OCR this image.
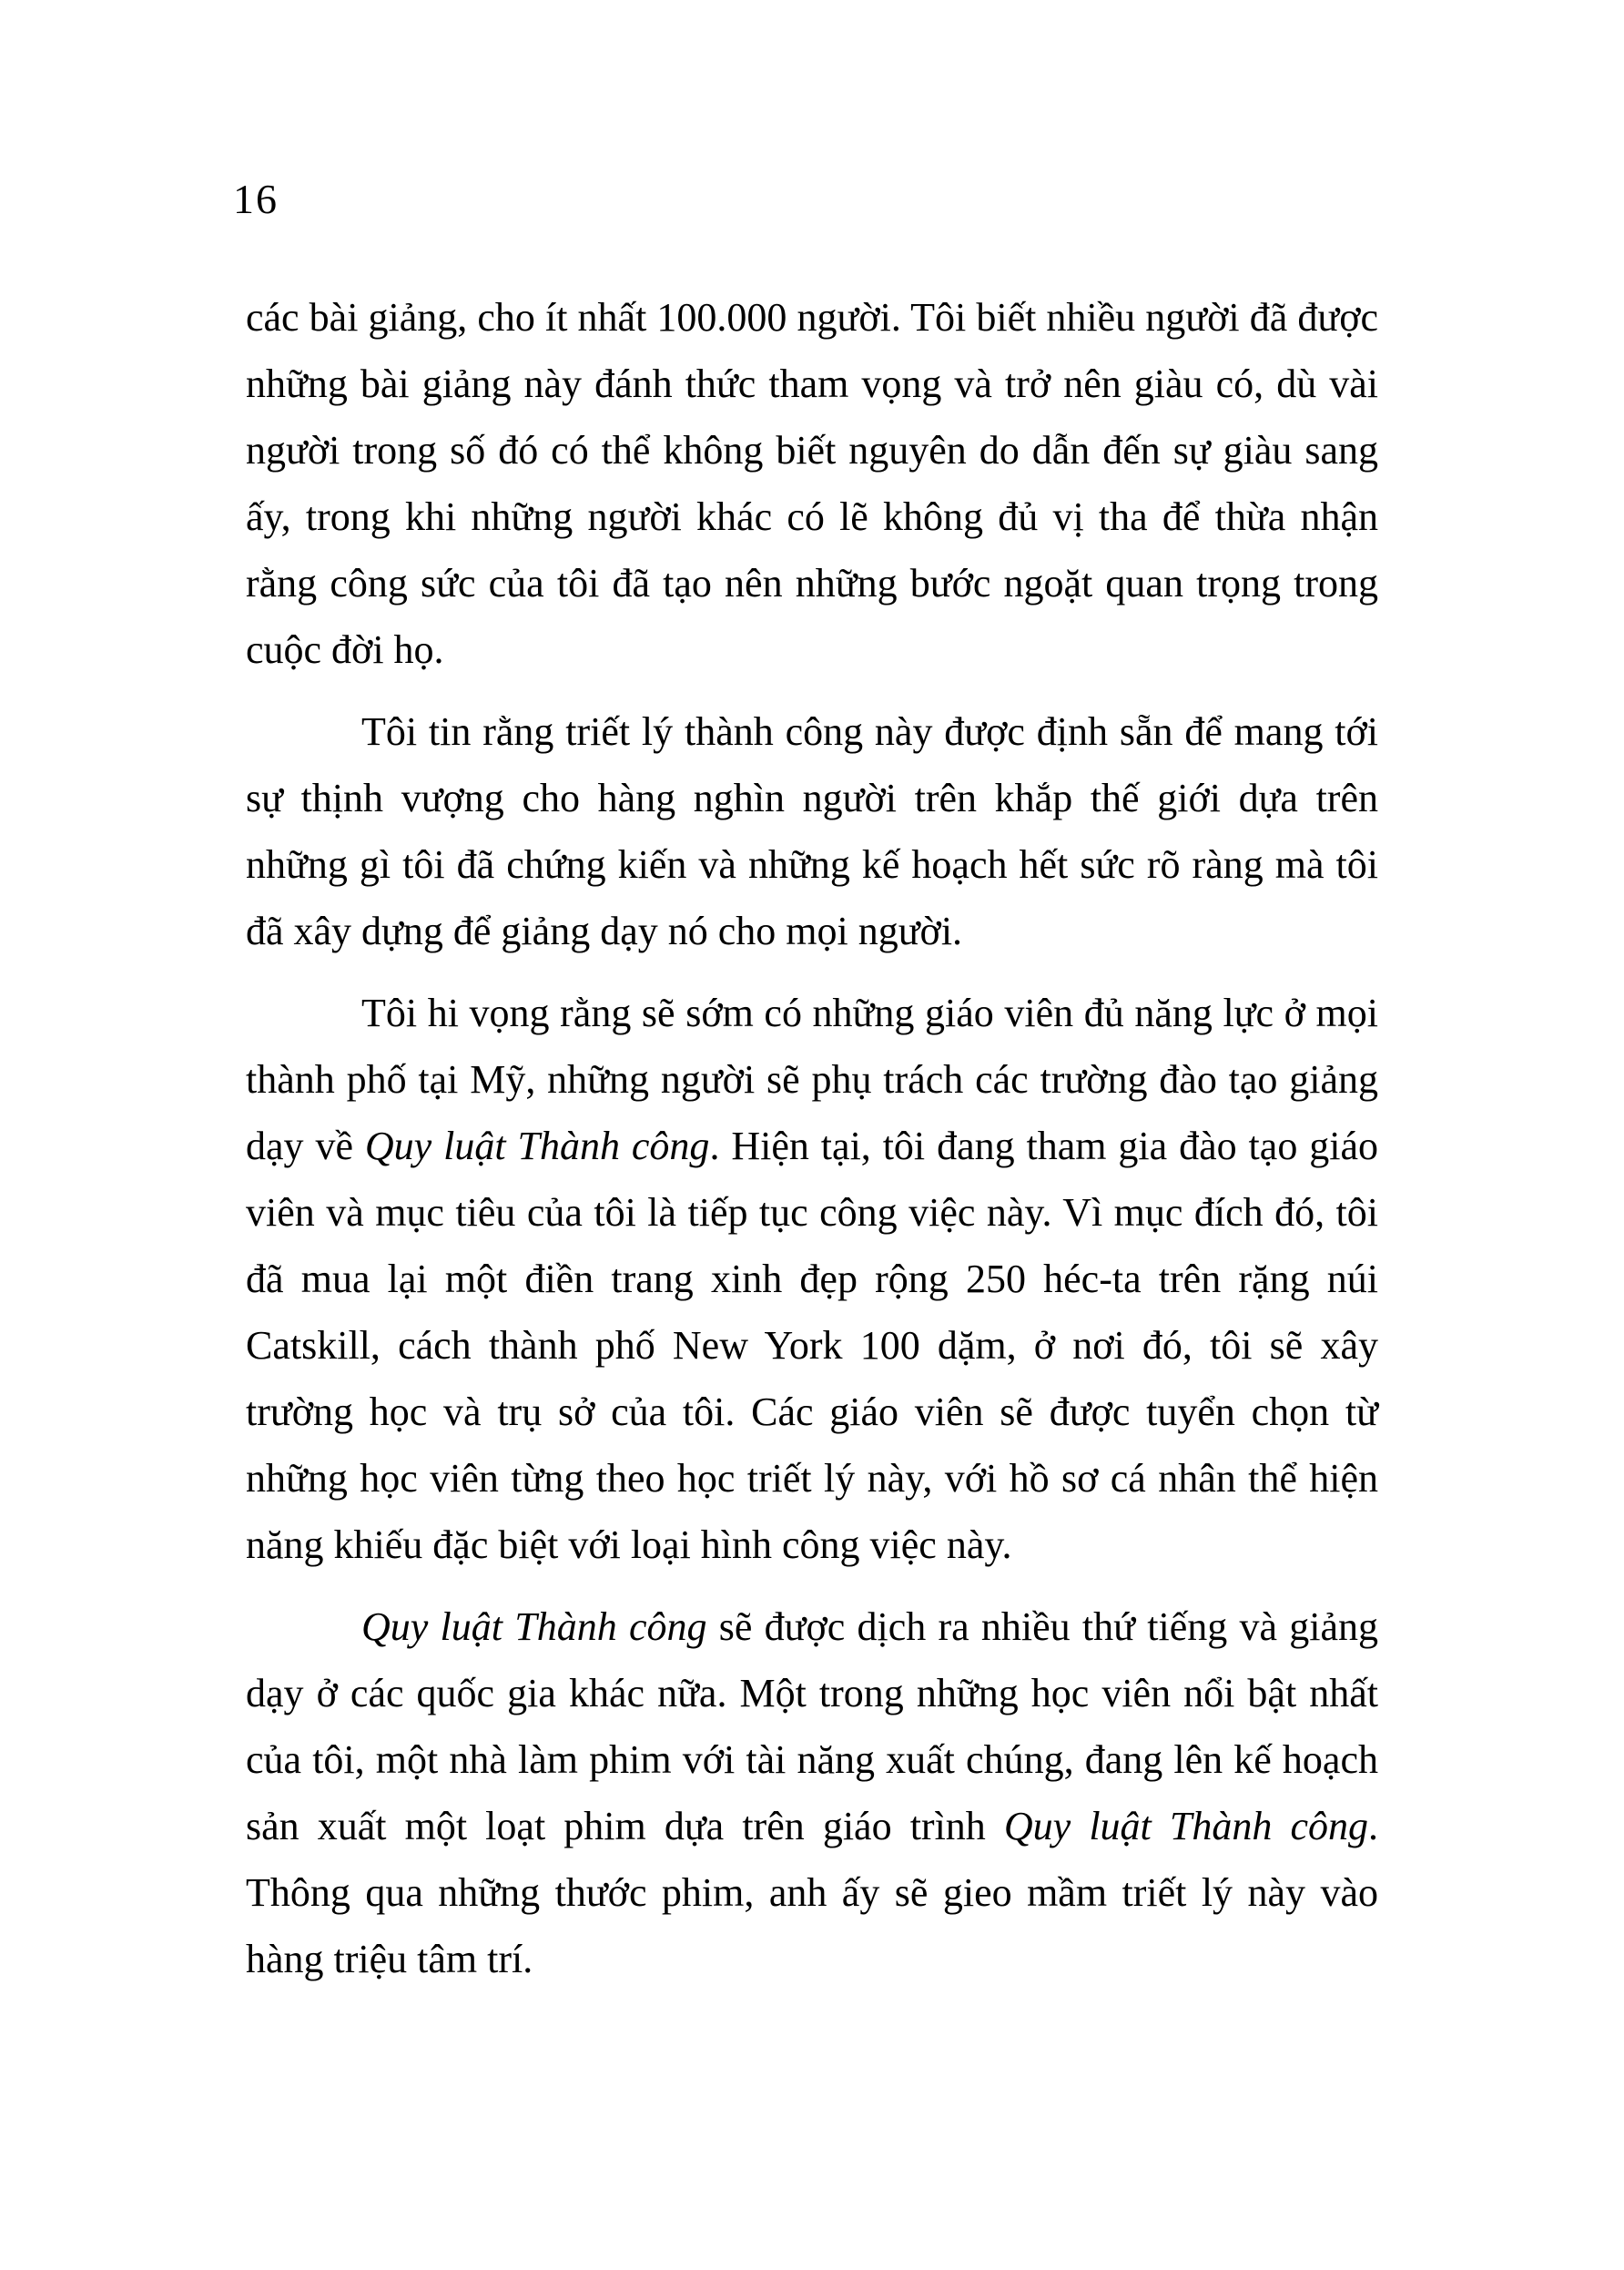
16

các bài giảng, cho ít nhất 100.000 người. Tôi biết nhiều người đã được những bài giảng này đánh thức tham vọng và trở nên giàu có, dù vài người trong số đó có thể không biết nguyên do dẫn đến sự giàu sang ấy, trong khi những người khác có lẽ không đủ vị tha để thừa nhận rằng công sức của tôi đã tạo nên những bước ngoặt quan trọng trong cuộc đời họ.

Tôi tin rằng triết lý thành công này được định sẵn để mang tới sự thịnh vượng cho hàng nghìn người trên khắp thế giới dựa trên những gì tôi đã chứng kiến và những kế hoạch hết sức rõ ràng mà tôi đã xây dựng để giảng dạy nó cho mọi người.

Tôi hi vọng rằng sẽ sớm có những giáo viên đủ năng lực ở mọi thành phố tại Mỹ, những người sẽ phụ trách các trường đào tạo giảng dạy về Quy luật Thành công. Hiện tại, tôi đang tham gia đào tạo giáo viên và mục tiêu của tôi là tiếp tục công việc này. Vì mục đích đó, tôi đã mua lại một điền trang xinh đẹp rộng 250 héc-ta trên rặng núi Catskill, cách thành phố New York 100 dặm, ở nơi đó, tôi sẽ xây trường học và trụ sở của tôi. Các giáo viên sẽ được tuyển chọn từ những học viên từng theo học triết lý này, với hồ sơ cá nhân thể hiện năng khiếu đặc biệt với loại hình công việc này.

Quy luật Thành công sẽ được dịch ra nhiều thứ tiếng và giảng dạy ở các quốc gia khác nữa. Một trong những học viên nổi bật nhất của tôi, một nhà làm phim với tài năng xuất chúng, đang lên kế hoạch sản xuất một loạt phim dựa trên giáo trình Quy luật Thành công. Thông qua những thước phim, anh ấy sẽ gieo mầm triết lý này vào hàng triệu tâm trí.
